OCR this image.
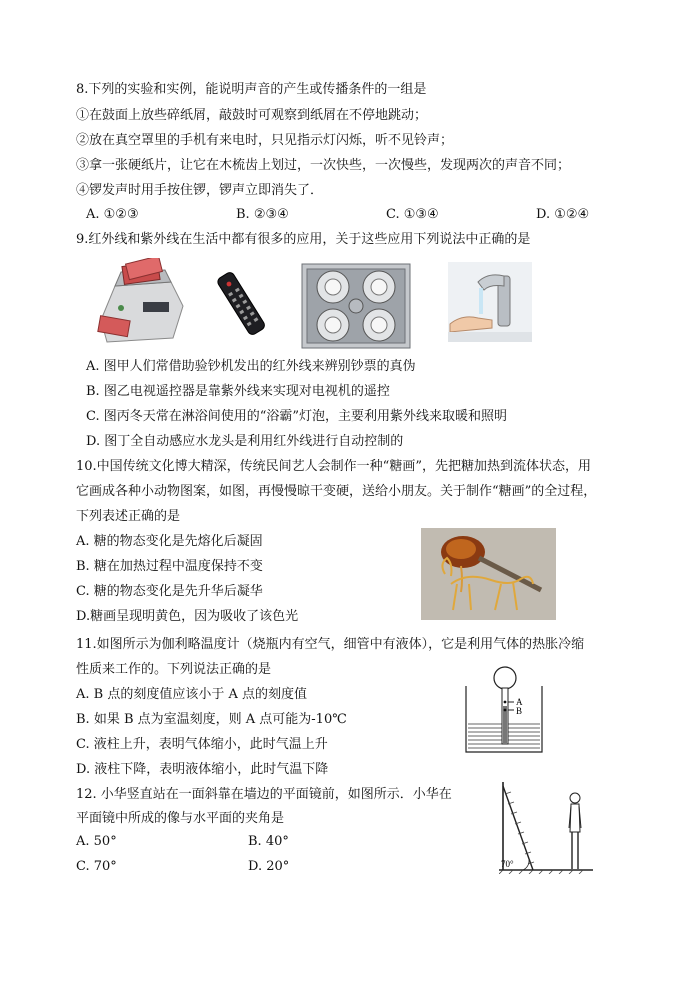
8.下列的实验和实例，能说明声音的产生或传播条件的一组是
①在鼓面上放些碎纸屑，敲鼓时可观察到纸屑在不停地跳动；
②放在真空罩里的手机有来电时，只见指示灯闪烁，听不见铃声；
③拿一张硬纸片，让它在木梳齿上划过，一次快些，一次慢些，发现两次的声音不同；
④锣发声时用手按住锣，锣声立即消失了．
A. ①②③	B. ②③④	C. ①③④	D. ①②④
9.红外线和紫外线在生活中都有很多的应用，关于这些应用下列说法中正确的是
A. 图甲人们常借助验钞机发出的红外线来辨别钞票的真伪
B. 图乙电视遥控器是靠紫外线来实现对电视机的遥控
C. 图丙冬天常在淋浴间使用的“浴霸”灯泡，主要利用紫外线来取暖和照明
D. 图丁全自动感应水龙头是利用红外线进行自动控制的
10.中国传统文化博大精深，传统民间艺人会制作一种“糖画”，先把糖加热到流体状态，用
它画成各种小动物图案，如图，再慢慢晾干变硬，送给小朋友。关于制作“糖画”的全过程，
下列表述正确的是
A. 糖的物态变化是先熔化后凝固
B. 糖在加热过程中温度保持不变
C. 糖的物态变化是先升华后凝华
D.糖画呈现明黄色，因为吸收了该色光
11.如图所示为伽利略温度计（烧瓶内有空气，细管中有液体），它是利用气体的热胀冷缩
性质来工作的。下列说法正确的是
A. B 点的刻度值应该小于 A 点的刻度值
B. 如果 B 点为室温刻度，则 A 点可能为-10℃
C. 液柱上升，表明气体缩小，此时气温上升
D. 液柱下降，表明液体缩小，此时气温下降
A
B
12. 小华竖直站在一面斜靠在墙边的平面镜前，如图所示．小华在
平面镜中所成的像与水平面的夹角是
A. 50°	B. 40°
C. 70°	D. 20°	70°
